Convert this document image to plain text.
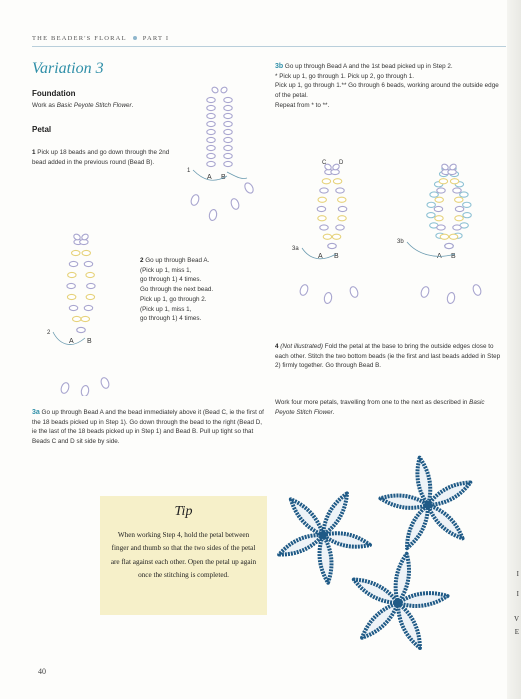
I
I
V
E
THE BEADER'S FLORAL PART I
Variation 3
Foundation
Work as Basic Peyote Stitch Flower.
Petal
1 Pick up 18 beads and go down through the 2nd bead added in the previous round (Bead B).
A B
1
A B
2
2 Go up through Bead A.
(Pick up 1, miss 1,
go through 1) 4 times.
Go through the next bead.
Pick up 1, go through 2.
(Pick up 1, miss 1,
go through 1) 4 times.
3a Go up through Bead A and the bead immediately above it (Bead C, ie the first of the 18 beads picked up in Step 1). Go down through the bead to the right (Bead D, ie the last of the 18 beads picked up in Step 1) and Bead B. Pull up tight so that Beads C and D sit side by side.
3b Go up through Bead A and the 1st bead picked up in Step 2.
* Pick up 1, go through 1. Pick up 2, go through 1.
Pick up 1, go through 1.** Go through 6 beads, working around the outside edge of the petal.
Repeat from * to **.
A B
C D
3a
A B
3b
4 (Not illustrated) Fold the petal at the base to bring the outside edges close to each other. Stitch the two bottom beads (ie the first and last beads added in Step 2) firmly together. Go through Bead B.
Work four more petals, travelling from one to the next as described in Basic Peyote Stitch Flower.
Tip
When working Step 4, hold the petal between finger and thumb so that the two sides of the petal are flat against each other. Open the petal up again once the stitching is completed.
40
